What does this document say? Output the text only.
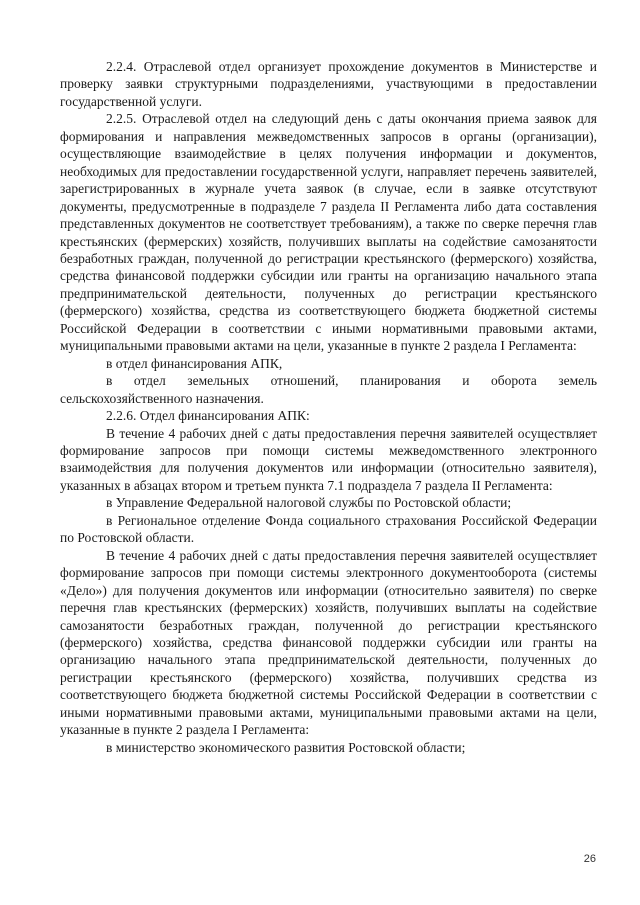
2.2.4. Отраслевой отдел организует прохождение документов в Министерстве и проверку заявки структурными подразделениями, участвующими в предоставлении государственной услуги.

2.2.5. Отраслевой отдел на следующий день с даты окончания приема заявок для формирования и направления межведомственных запросов в органы (организации), осуществляющие взаимодействие в целях получения информации и документов, необходимых для предоставлении государственной услуги, направляет перечень заявителей, зарегистрированных в журнале учета заявок (в случае, если в заявке отсутствуют документы, предусмотренные в подразделе 7 раздела II Регламента либо дата составления представленных документов не соответствует требованиям), а также по сверке перечня глав крестьянских (фермерских) хозяйств, получивших выплаты на содействие самозанятости безработных граждан, полученной до регистрации крестьянского (фермерского) хозяйства, средства финансовой поддержки субсидии или гранты на организацию начального этапа предпринимательской деятельности, полученных до регистрации крестьянского (фермерского) хозяйства, средства из соответствующего бюджета бюджетной системы Российской Федерации в соответствии с иными нормативными правовыми актами, муниципальными правовыми актами на цели, указанные в пункте 2 раздела I Регламента:

в отдел финансирования АПК,

в отдел земельных отношений, планирования и оборота земель сельскохозяйственного назначения.

2.2.6. Отдел финансирования АПК:

В течение 4 рабочих дней с даты предоставления перечня заявителей осуществляет формирование запросов при помощи системы межведомственного электронного взаимодействия для получения документов или информации (относительно заявителя), указанных в абзацах втором и третьем пункта 7.1 подраздела 7 раздела II Регламента:

в Управление Федеральной налоговой службы по Ростовской области;

в Региональное отделение Фонда социального страхования Российской Федерации по Ростовской области.

В течение 4 рабочих дней с даты предоставления перечня заявителей осуществляет формирование запросов при помощи системы электронного документооборота (системы «Дело») для получения документов или информации (относительно заявителя) по сверке перечня глав крестьянских (фермерских) хозяйств, получивших выплаты на содействие самозанятости безработных граждан, полученной до регистрации крестьянского (фермерского) хозяйства, средства финансовой поддержки субсидии или гранты на организацию начального этапа предпринимательской деятельности, полученных до регистрации крестьянского (фермерского) хозяйства, получивших средства из соответствующего бюджета бюджетной системы Российской Федерации в соответствии с иными нормативными правовыми актами, муниципальными правовыми актами на цели, указанные в пункте 2 раздела I Регламента:

в министерство экономического развития Ростовской области;

26
